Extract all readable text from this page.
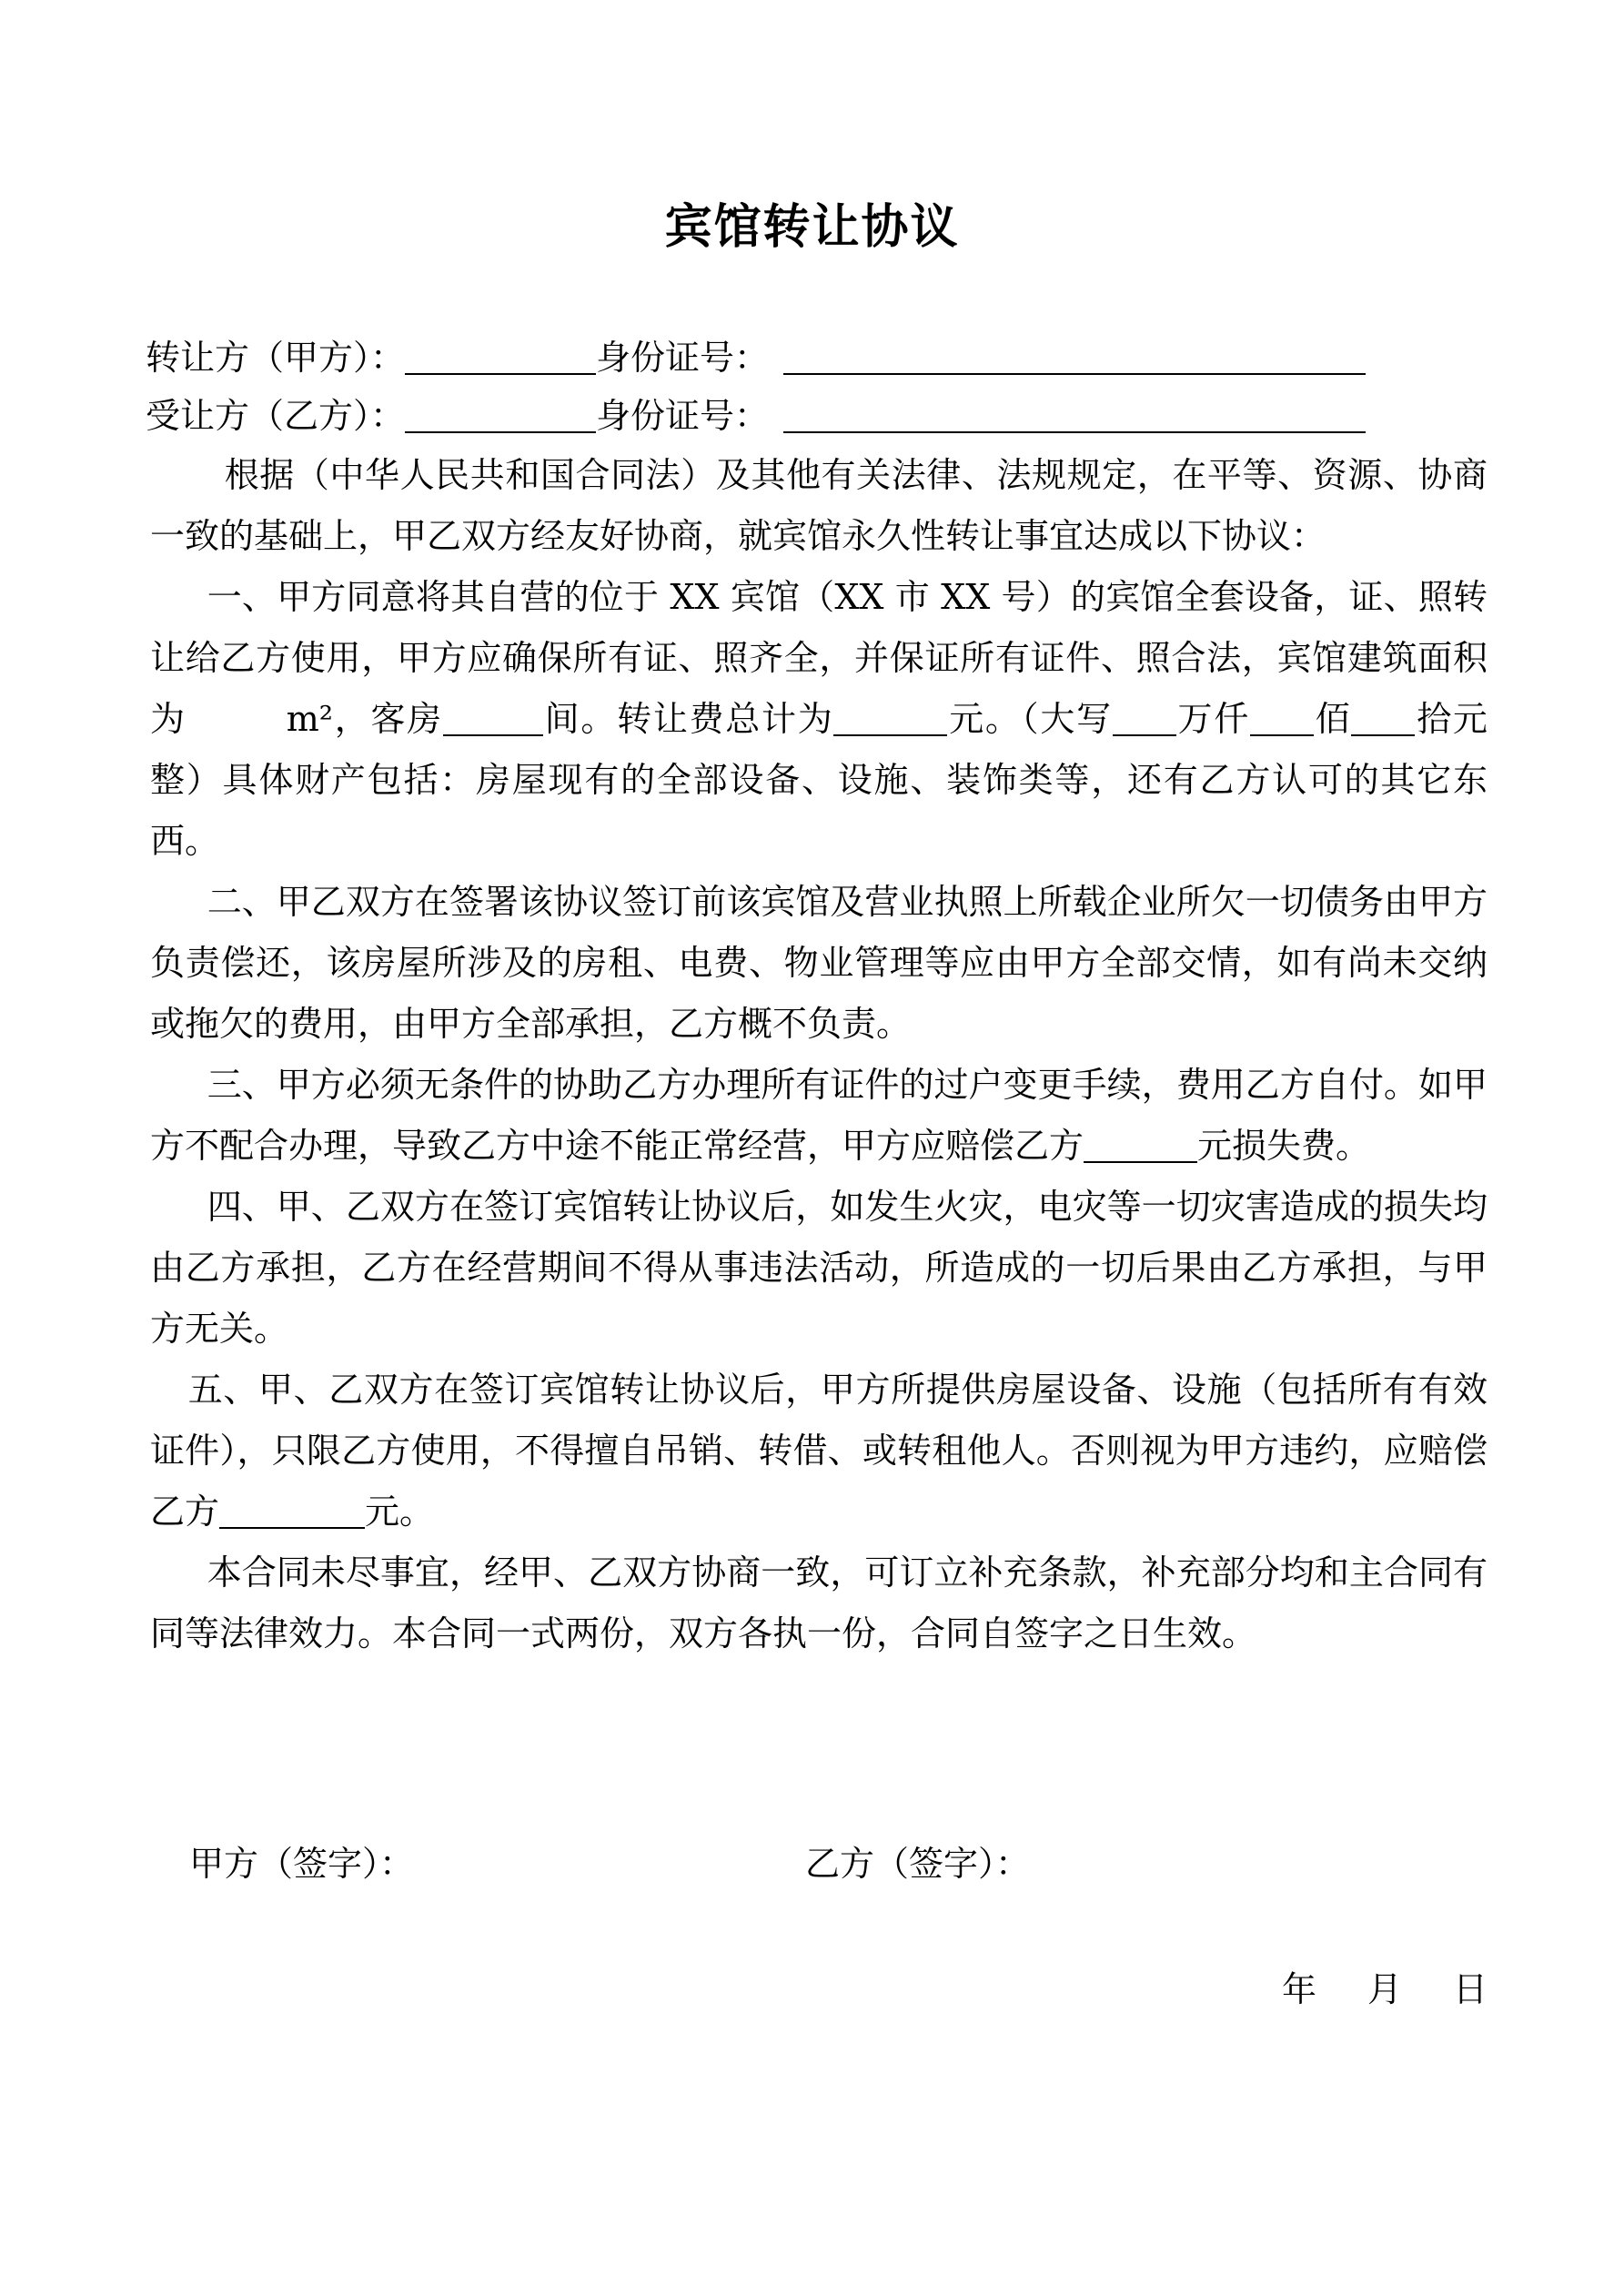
宾馆转让协议
转让方（甲方）：	身份证号：
受让方（乙方）：	身份证号：

根据（中华人民共和国合同法）及其他有关法律、法规规定，在平等、资源、协商一致的基础上，甲乙双方经友好协商，就宾馆永久性转让事宜达成以下协议：

一、甲方同意将其自营的位于 XX 宾馆（XX 市 XX 号）的宾馆全套设备，证、照转让给乙方使用，甲方应确保所有证、照齐全，并保证所有证件、照合法，宾馆建筑面积为	m²，客房	间。转让费总计为	元。（大写 万仟 佰 拾元整）具体财产包括：房屋现有的全部设备、设施、装饰类等，还有乙方认可的其它东西。

二、甲乙双方在签署该协议签订前该宾馆及营业执照上所载企业所欠一切债务由甲方负责偿还，该房屋所涉及的房租、电费、物业管理等应由甲方全部交情，如有尚未交纳或拖欠的费用，由甲方全部承担，乙方概不负责。

三、甲方必须无条件的协助乙方办理所有证件的过户变更手续，费用乙方自付。如甲方不配合办理，导致乙方中途不能正常经营，甲方应赔偿乙方	元损失费。

四、甲、乙双方在签订宾馆转让协议后，如发生火灾，电灾等一切灾害造成的损失均由乙方承担，乙方在经营期间不得从事违法活动，所造成的一切后果由乙方承担，与甲方无关。

五、甲、乙双方在签订宾馆转让协议后，甲方所提供房屋设备、设施（包括所有有效证件），只限乙方使用，不得擅自吊销、转借、或转租他人。否则视为甲方违约，应赔偿乙方	元。

本合同未尽事宜，经甲、乙双方协商一致，可订立补充条款，补充部分均和主合同有同等法律效力。本合同一式两份，双方各执一份，合同自签字之日生效。

甲方（签字）：	乙方（签字）：
年 月 日
